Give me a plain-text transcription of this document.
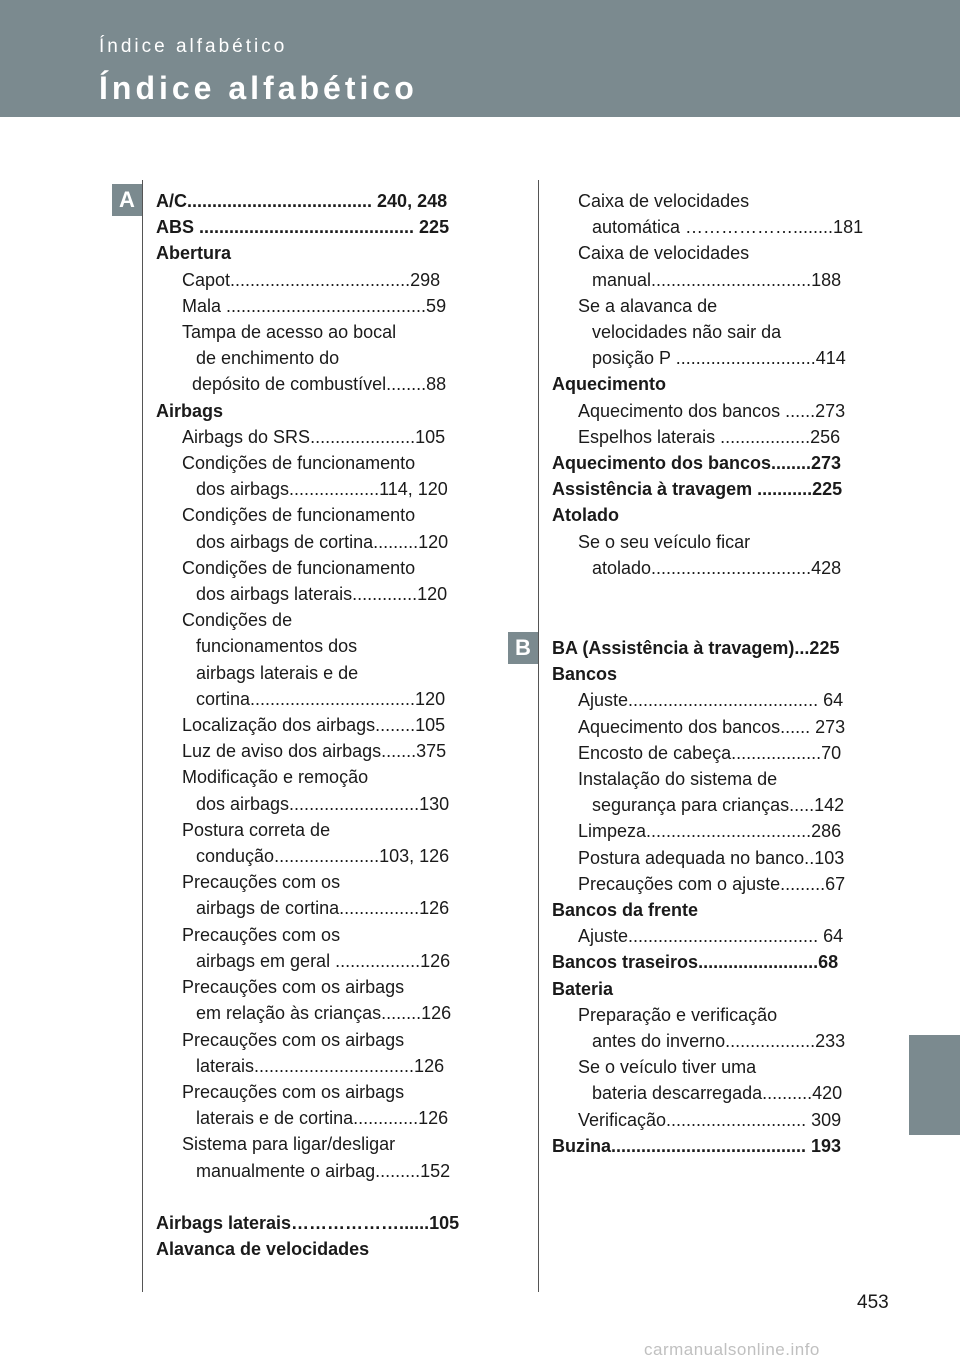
Índice alfabético
Índice alfabético
A
B
A/C..................................... 240, 248
ABS ........................................... 225
Abertura
Capot....................................298
Mala ........................................59
Tampa de acesso ao bocal
de enchimento do
depósito de combustível........88
Airbags
Airbags do SRS.....................105
Condições de funcionamento
dos airbags..................114, 120
Condições de funcionamento
dos airbags de cortina.........120
Condições de funcionamento
dos airbags laterais.............120
Condições de
funcionamentos dos
airbags laterais e de
cortina.................................120
Localização dos airbags........105
Luz de aviso dos airbags.......375
Modificação e remoção
dos airbags..........................130
Postura correta de
condução.....................103, 126
Precauções com os
airbags de cortina................126
Precauções com os
airbags em geral .................126
Precauções com os airbags
em relação às crianças........126
Precauções com os airbags
laterais................................126
Precauções com os airbags
laterais e de cortina.............126
Sistema para ligar/desligar
manualmente o airbag.........152
Airbags laterais………………......105
Alavanca de velocidades
Caixa de velocidades
automática ………………........181
Caixa de velocidades
manual................................188
Se a alavanca de
velocidades não sair da
posição P ............................414
Aquecimento
Aquecimento dos bancos ......273
Espelhos laterais ..................256
Aquecimento dos bancos........273
Assistência à travagem ...........225
Atolado
Se o seu veículo ficar
atolado................................428
BA (Assistência à travagem)...225
Bancos
Ajuste...................................... 64
Aquecimento dos bancos...... 273
Encosto de cabeça..................70
Instalação do sistema de
segurança para crianças.....142
Limpeza.................................286
Postura adequada no banco..103
Precauções com o ajuste.........67
Bancos da frente
Ajuste...................................... 64
Bancos traseiros........................68
Bateria
Preparação e verificação
antes do inverno..................233
Se o veículo tiver uma
bateria descarregada..........420
Verificação............................ 309
Buzina....................................... 193
453
carmanualsonline.info
